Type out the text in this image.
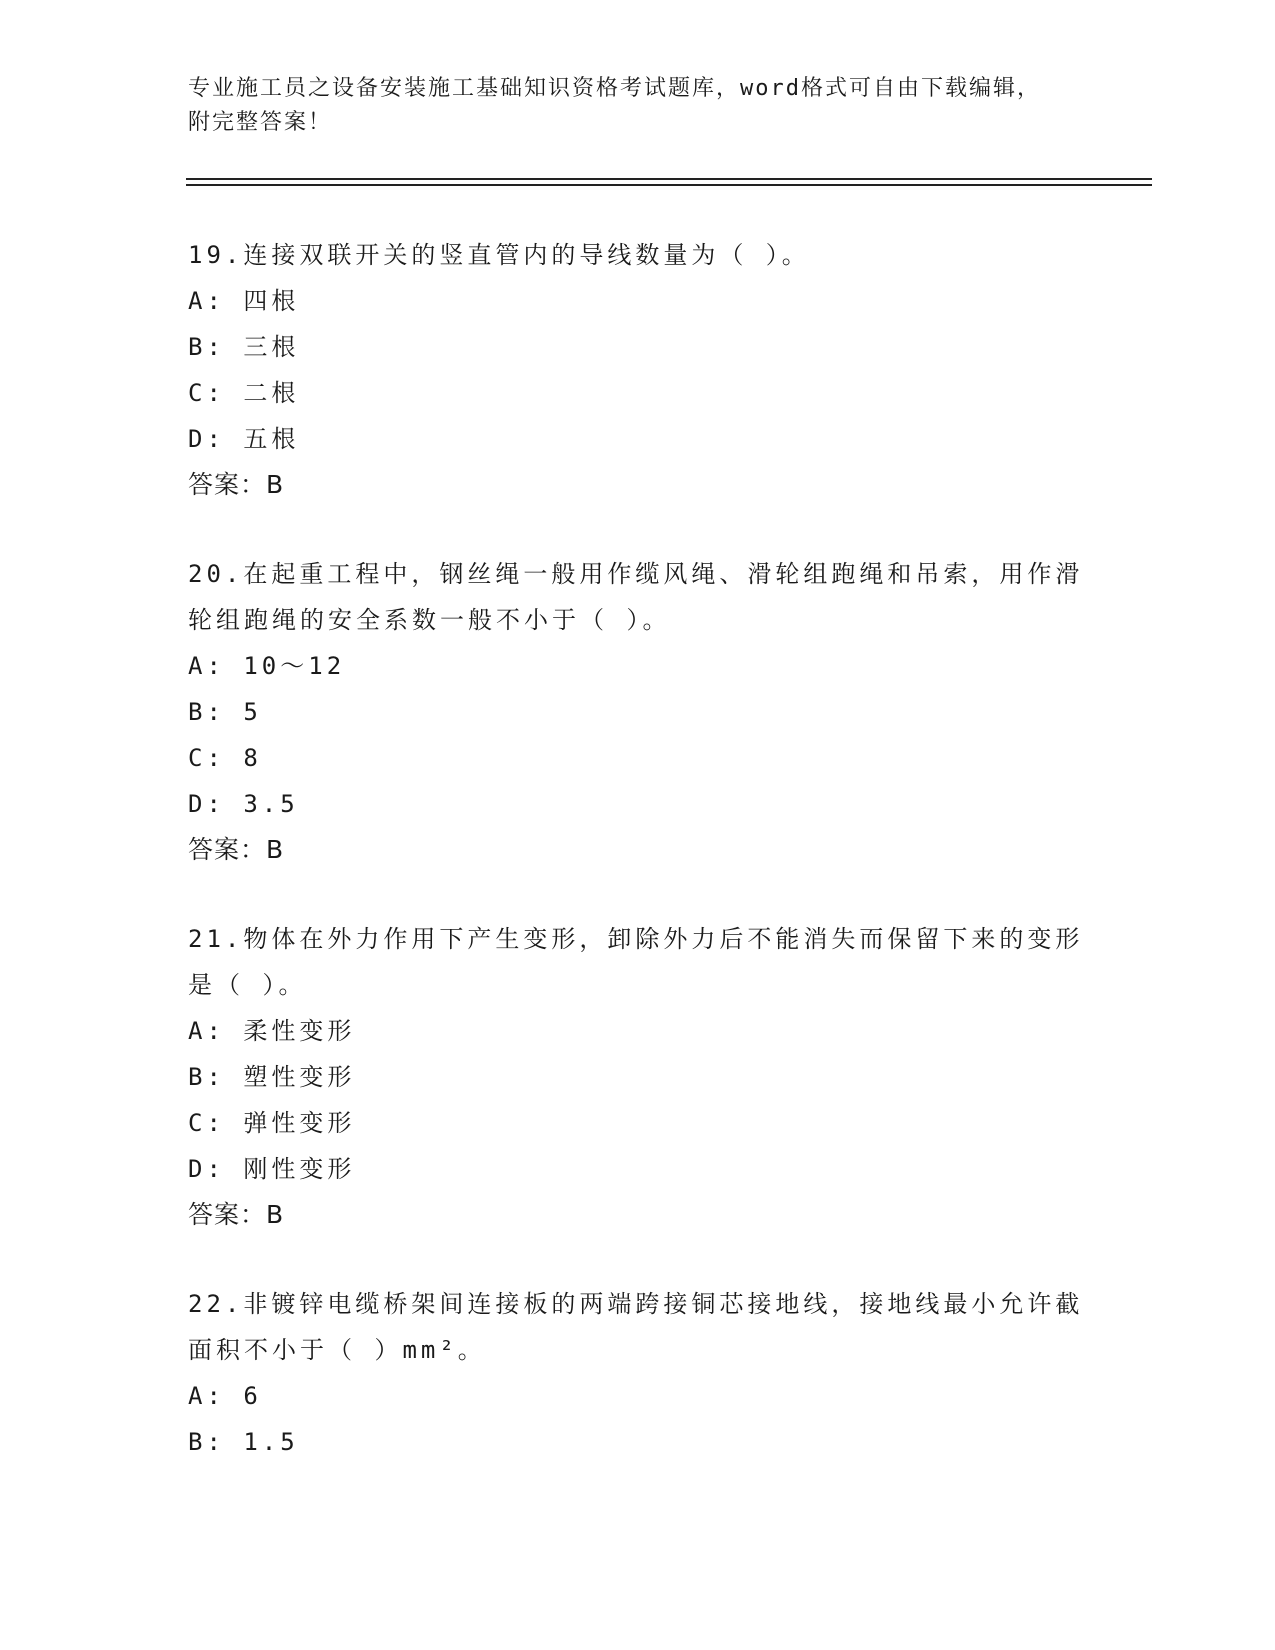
专业施工员之设备安装施工基础知识资格考试题库，word格式可自由下载编辑，
附完整答案！
19.连接双联开关的竖直管内的导线数量为（ ）。
A: 四根
B: 三根
C: 二根
D: 五根
答案：B
20.在起重工程中，钢丝绳一般用作缆风绳、滑轮组跑绳和吊索，用作滑轮组跑绳的安全系数一般不小于（ ）。
A: 10～12
B: 5
C: 8
D: 3.5
答案：B
21.物体在外力作用下产生变形，卸除外力后不能消失而保留下来的变形是（ ）。
A: 柔性变形
B: 塑性变形
C: 弹性变形
D: 刚性变形
答案：B
22.非镀锌电缆桥架间连接板的两端跨接铜芯接地线，接地线最小允许截面积不小于（ ）mm²。
A: 6
B: 1.5
